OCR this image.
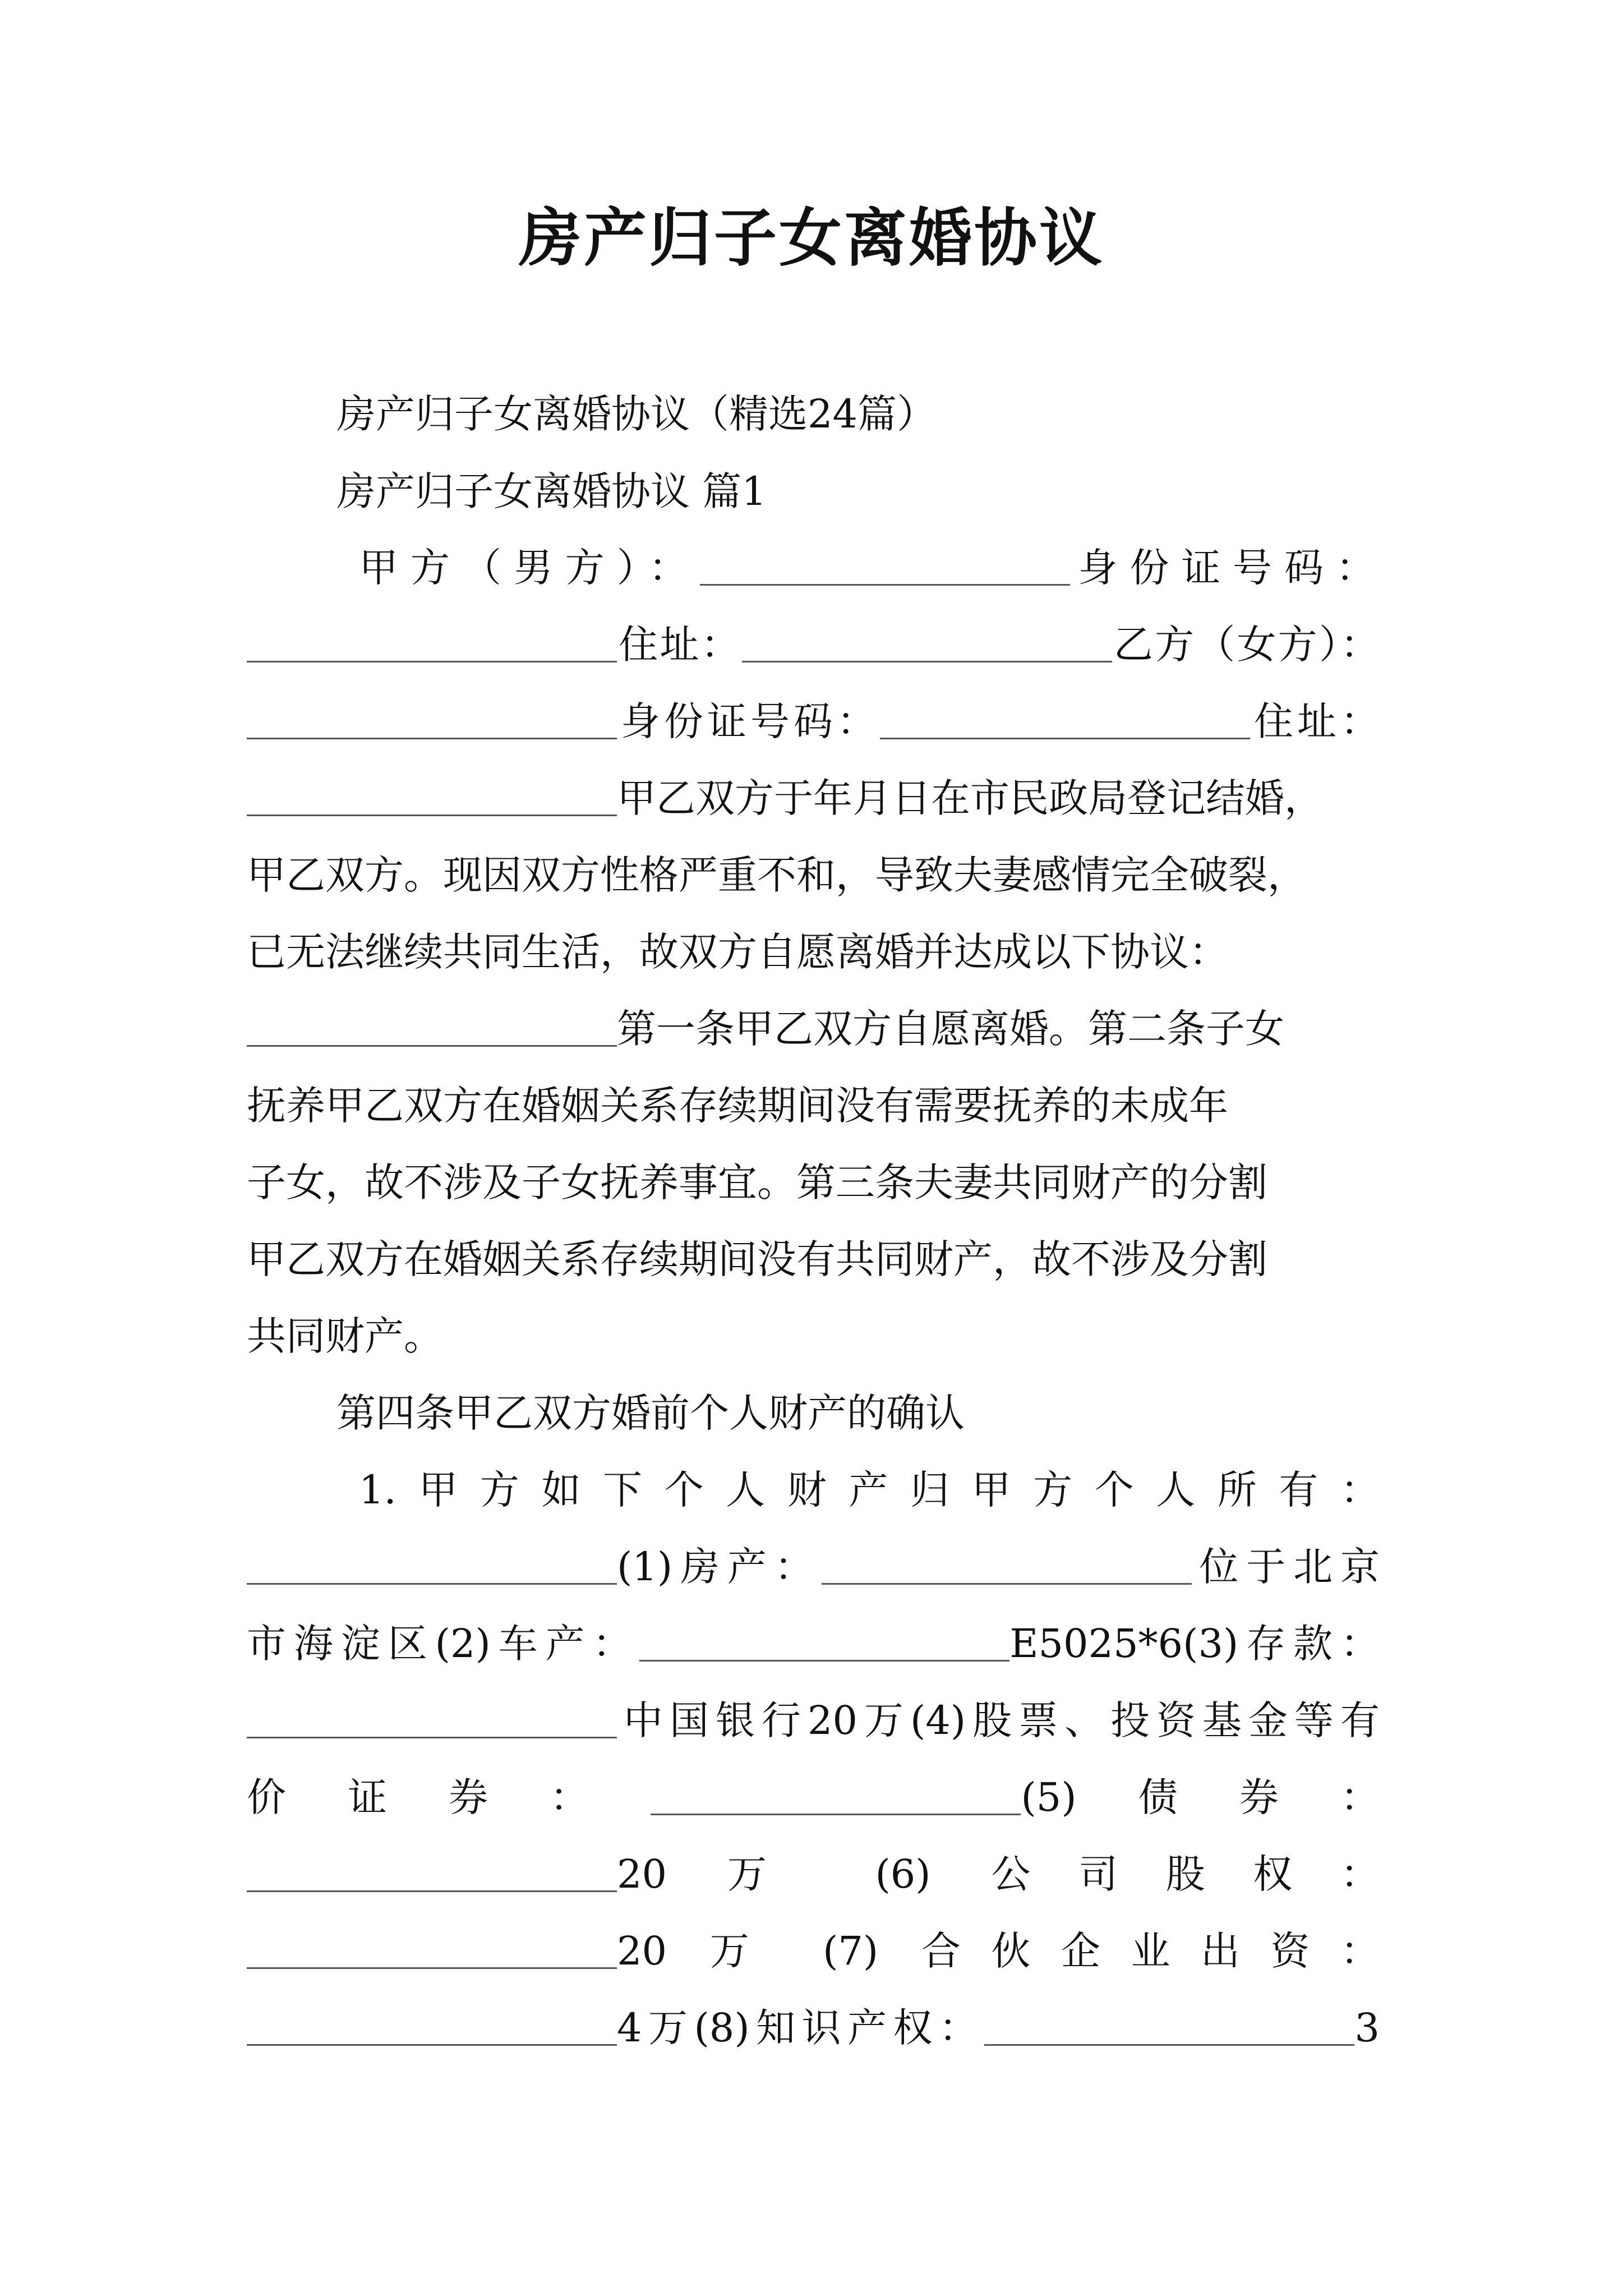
房产归子女离婚协议
房产归子女离婚协议（精选24篇）
房产归子女离婚协议 篇1
甲方（男方）：	身份证号码：
住址：	乙方（女方）：
身份证号码：	住址：
甲乙双方于年月日在市民政局登记结婚，
甲乙双方。现因双方性格严重不和，导致夫妻感情完全破裂，
已无法继续共同生活，故双方自愿离婚并达成以下协议：
第一条甲乙双方自愿离婚。第二条子女
抚养甲乙双方在婚姻关系存续期间没有需要抚养的未成年
子女，故不涉及子女抚养事宜。第三条夫妻共同财产的分割
甲乙双方在婚姻关系存续期间没有共同财产，故不涉及分割
共同财产。
第四条甲乙双方婚前个人财产的确认
1.甲方如下个人财产归甲方个人所有：
(1)房产：	位于北京
市海淀区(2)车产：	E5025*6(3)存款：
中国银行20万(4)股票、投资基金等有
价证券：	(5)债券：
20 万 (6) 公司股权：
20 万 (7) 合伙企业出资：
4万(8)知识产权：	3
